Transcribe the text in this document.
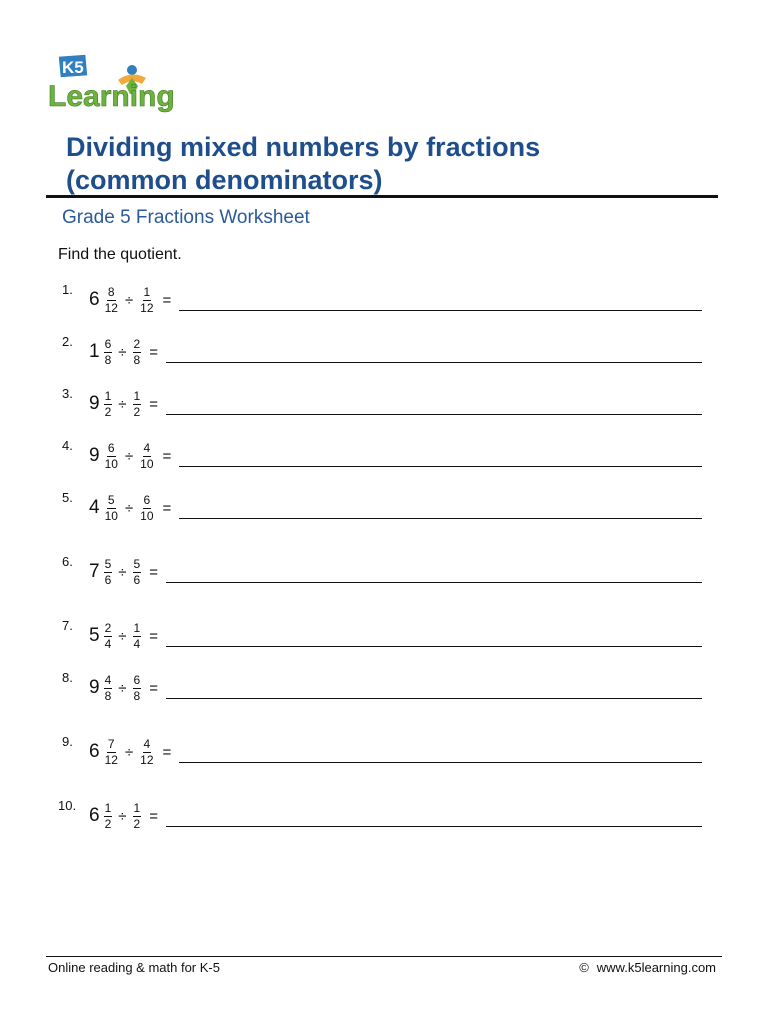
K5
Learning
Dividing mixed numbers by fractions
(common denominators)
Grade 5 Fractions Worksheet
Find the quotient.
1. $6 \frac{8}{12} \div \frac{1}{12}$ =
2. $1 \frac{6}{8} \div \frac{2}{8}$ =
3. $9 \frac{1}{2} \div \frac{1}{2}$ =
4. $9 \frac{6}{10} \div \frac{4}{10}$ =
5. $4 \frac{5}{10} \div \frac{6}{10}$ =
6. $7 \frac{5}{6} \div \frac{5}{6}$ =
7. $5 \frac{2}{4} \div \frac{1}{4}$ =
8. $9 \frac{4}{8} \div \frac{6}{8}$ =
9. $6 \frac{7}{12} \div \frac{4}{12}$ =
10. $6 \frac{1}{2} \div \frac{1}{2}$ =
Online reading & math for K-5	© www.k5learning.com
